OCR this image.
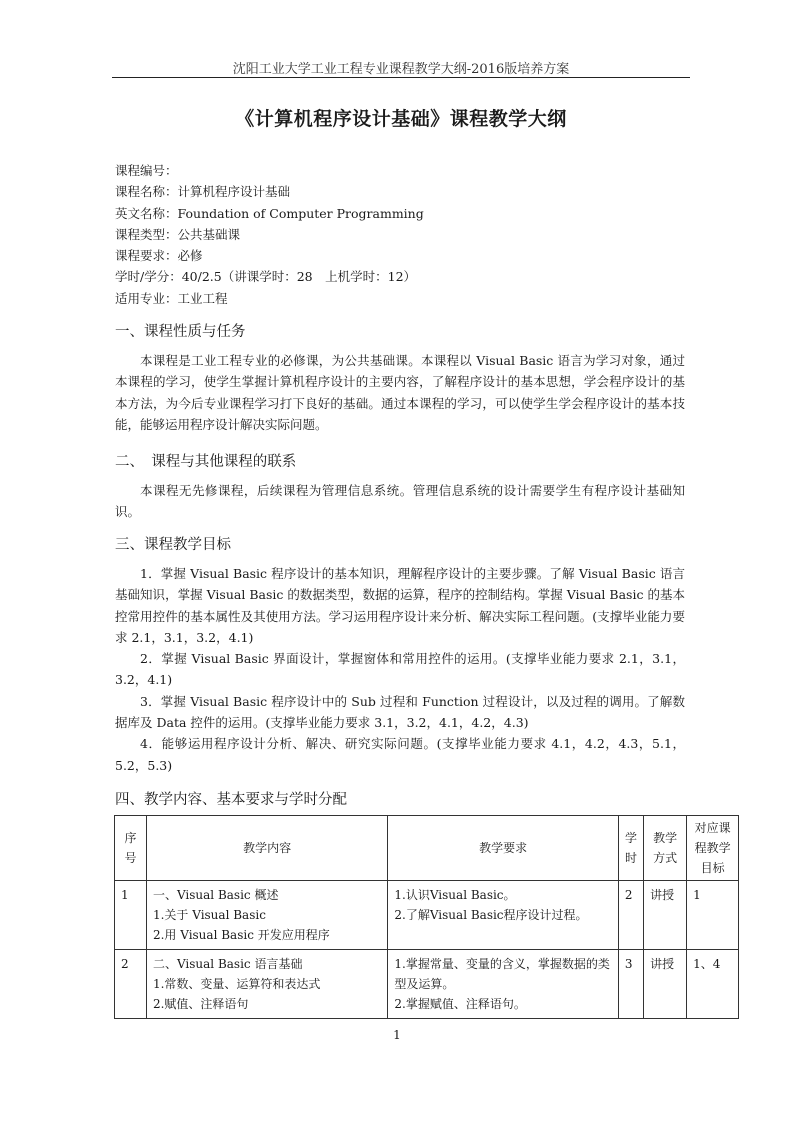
沈阳工业大学工业工程专业课程教学大纲-2016版培养方案
《计算机程序设计基础》课程教学大纲
课程编号：
课程名称：计算机程序设计基础
英文名称：Foundation of Computer Programming
课程类型：公共基础课
课程要求：必修
学时/学分：40/2.5（讲课学时：28　上机学时：12）
适用专业：工业工程
一、课程性质与任务
本课程是工业工程专业的必修课，为公共基础课。本课程以 Visual Basic 语言为学习对象，通过本课程的学习，使学生掌握计算机程序设计的主要内容，了解程序设计的基本思想，学会程序设计的基本方法，为今后专业课程学习打下良好的基础。通过本课程的学习，可以使学生学会程序设计的基本技能，能够运用程序设计解决实际问题。
二、　课程与其他课程的联系
本课程无先修课程，后续课程为管理信息系统。管理信息系统的设计需要学生有程序设计基础知识。
三、课程教学目标
1．掌握 Visual Basic 程序设计的基本知识，理解程序设计的主要步骤。了解 Visual Basic 语言基础知识，掌握 Visual Basic 的数据类型，数据的运算，程序的控制结构。掌握 Visual Basic 的基本控常用控件的基本属性及其使用方法。学习运用程序设计来分析、解决实际工程问题。(支撑毕业能力要求 2.1，3.1，3.2，4.1)
2．掌握 Visual Basic 界面设计，掌握窗体和常用控件的运用。(支撑毕业能力要求 2.1，3.1，3.2，4.1)
3．掌握 Visual Basic 程序设计中的 Sub 过程和 Function 过程设计，以及过程的调用。了解数据库及 Data 控件的运用。(支撑毕业能力要求 3.1，3.2，4.1，4.2，4.3)
4．能够运用程序设计分析、解决、研究实际问题。(支撑毕业能力要求 4.1，4.2，4.3，5.1，5.2，5.3)
四、教学内容、基本要求与学时分配
序号	教学内容	教学要求	学时	教学方式	对应课程教学目标
1	一、Visual Basic 概述
1.关于 Visual Basic
2.用 Visual Basic 开发应用程序	1.认识Visual Basic。
2.了解Visual Basic程序设计过程。	2	讲授	1
2	二、Visual Basic 语言基础
1.常数、变量、运算符和表达式
2.赋值、注释语句	1.掌握常量、变量的含义，掌握数据的类型及运算。
2.掌握赋值、注释语句。	3	讲授	1、4
1
